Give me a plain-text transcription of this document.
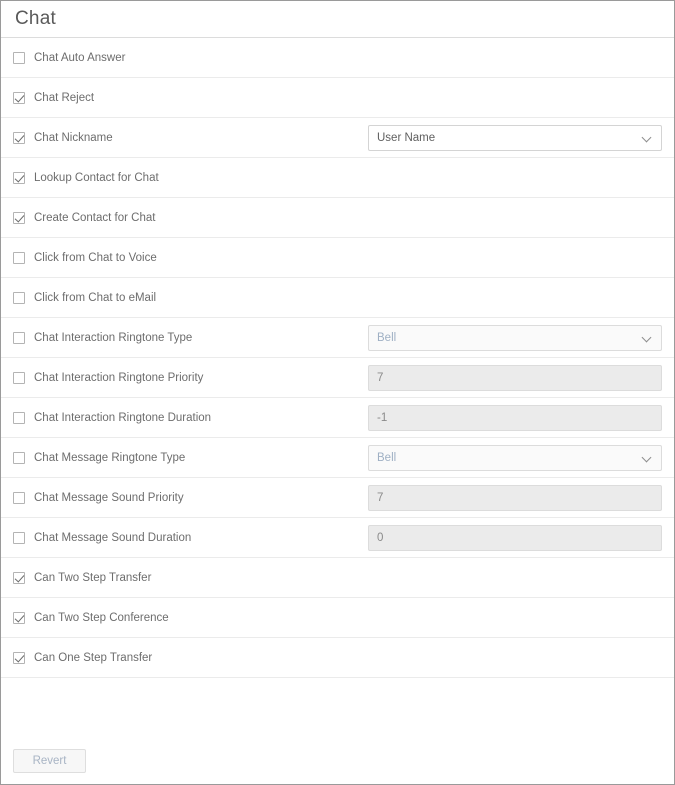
Chat
Chat Auto Answer
Chat Reject
Chat Nickname	User Name
Lookup Contact for Chat
Create Contact for Chat
Click from Chat to Voice
Click from Chat to eMail
Chat Interaction Ringtone Type	Bell
Chat Interaction Ringtone Priority	7
Chat Interaction Ringtone Duration	-1
Chat Message Ringtone Type	Bell
Chat Message Sound Priority	7
Chat Message Sound Duration	0
Can Two Step Transfer
Can Two Step Conference
Can One Step Transfer
Revert
